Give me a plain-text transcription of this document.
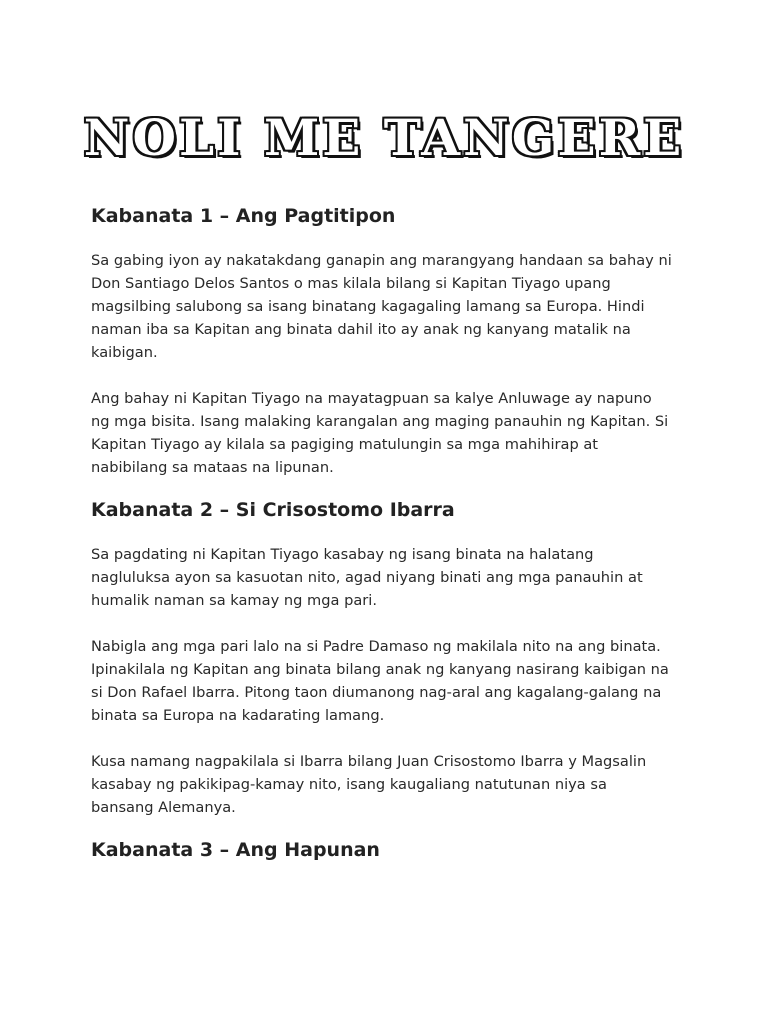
NOLI ME TANGERE
Kabanata 1 – Ang Pagtitipon

Sa gabing iyon ay nakatakdang ganapin ang marangyang handaan sa bahay ni
Don Santiago Delos Santos o mas kilala bilang si Kapitan Tiyago upang
magsilbing salubong sa isang binatang kagagaling lamang sa Europa. Hindi
naman iba sa Kapitan ang binata dahil ito ay anak ng kanyang matalik na
kaibigan.

Ang bahay ni Kapitan Tiyago na mayatagpuan sa kalye Anluwage ay napuno
ng mga bisita. Isang malaking karangalan ang maging panauhin ng Kapitan. Si
Kapitan Tiyago ay kilala sa pagiging matulungin sa mga mahihirap at
nabibilang sa mataas na lipunan.

Kabanata 2 – Si Crisostomo Ibarra

Sa pagdating ni Kapitan Tiyago kasabay ng isang binata na halatang
nagluluksa ayon sa kasuotan nito, agad niyang binati ang mga panauhin at
humalik naman sa kamay ng mga pari.

Nabigla ang mga pari lalo na si Padre Damaso ng makilala nito na ang binata.
Ipinakilala ng Kapitan ang binata bilang anak ng kanyang nasirang kaibigan na
si Don Rafael Ibarra. Pitong taon diumanong nag-aral ang kagalang-galang na
binata sa Europa na kadarating lamang.

Kusa namang nagpakilala si Ibarra bilang Juan Crisostomo Ibarra y Magsalin
kasabay ng pakikipag-kamay nito, isang kaugaliang natutunan niya sa
bansang Alemanya.

Kabanata 3 – Ang Hapunan
